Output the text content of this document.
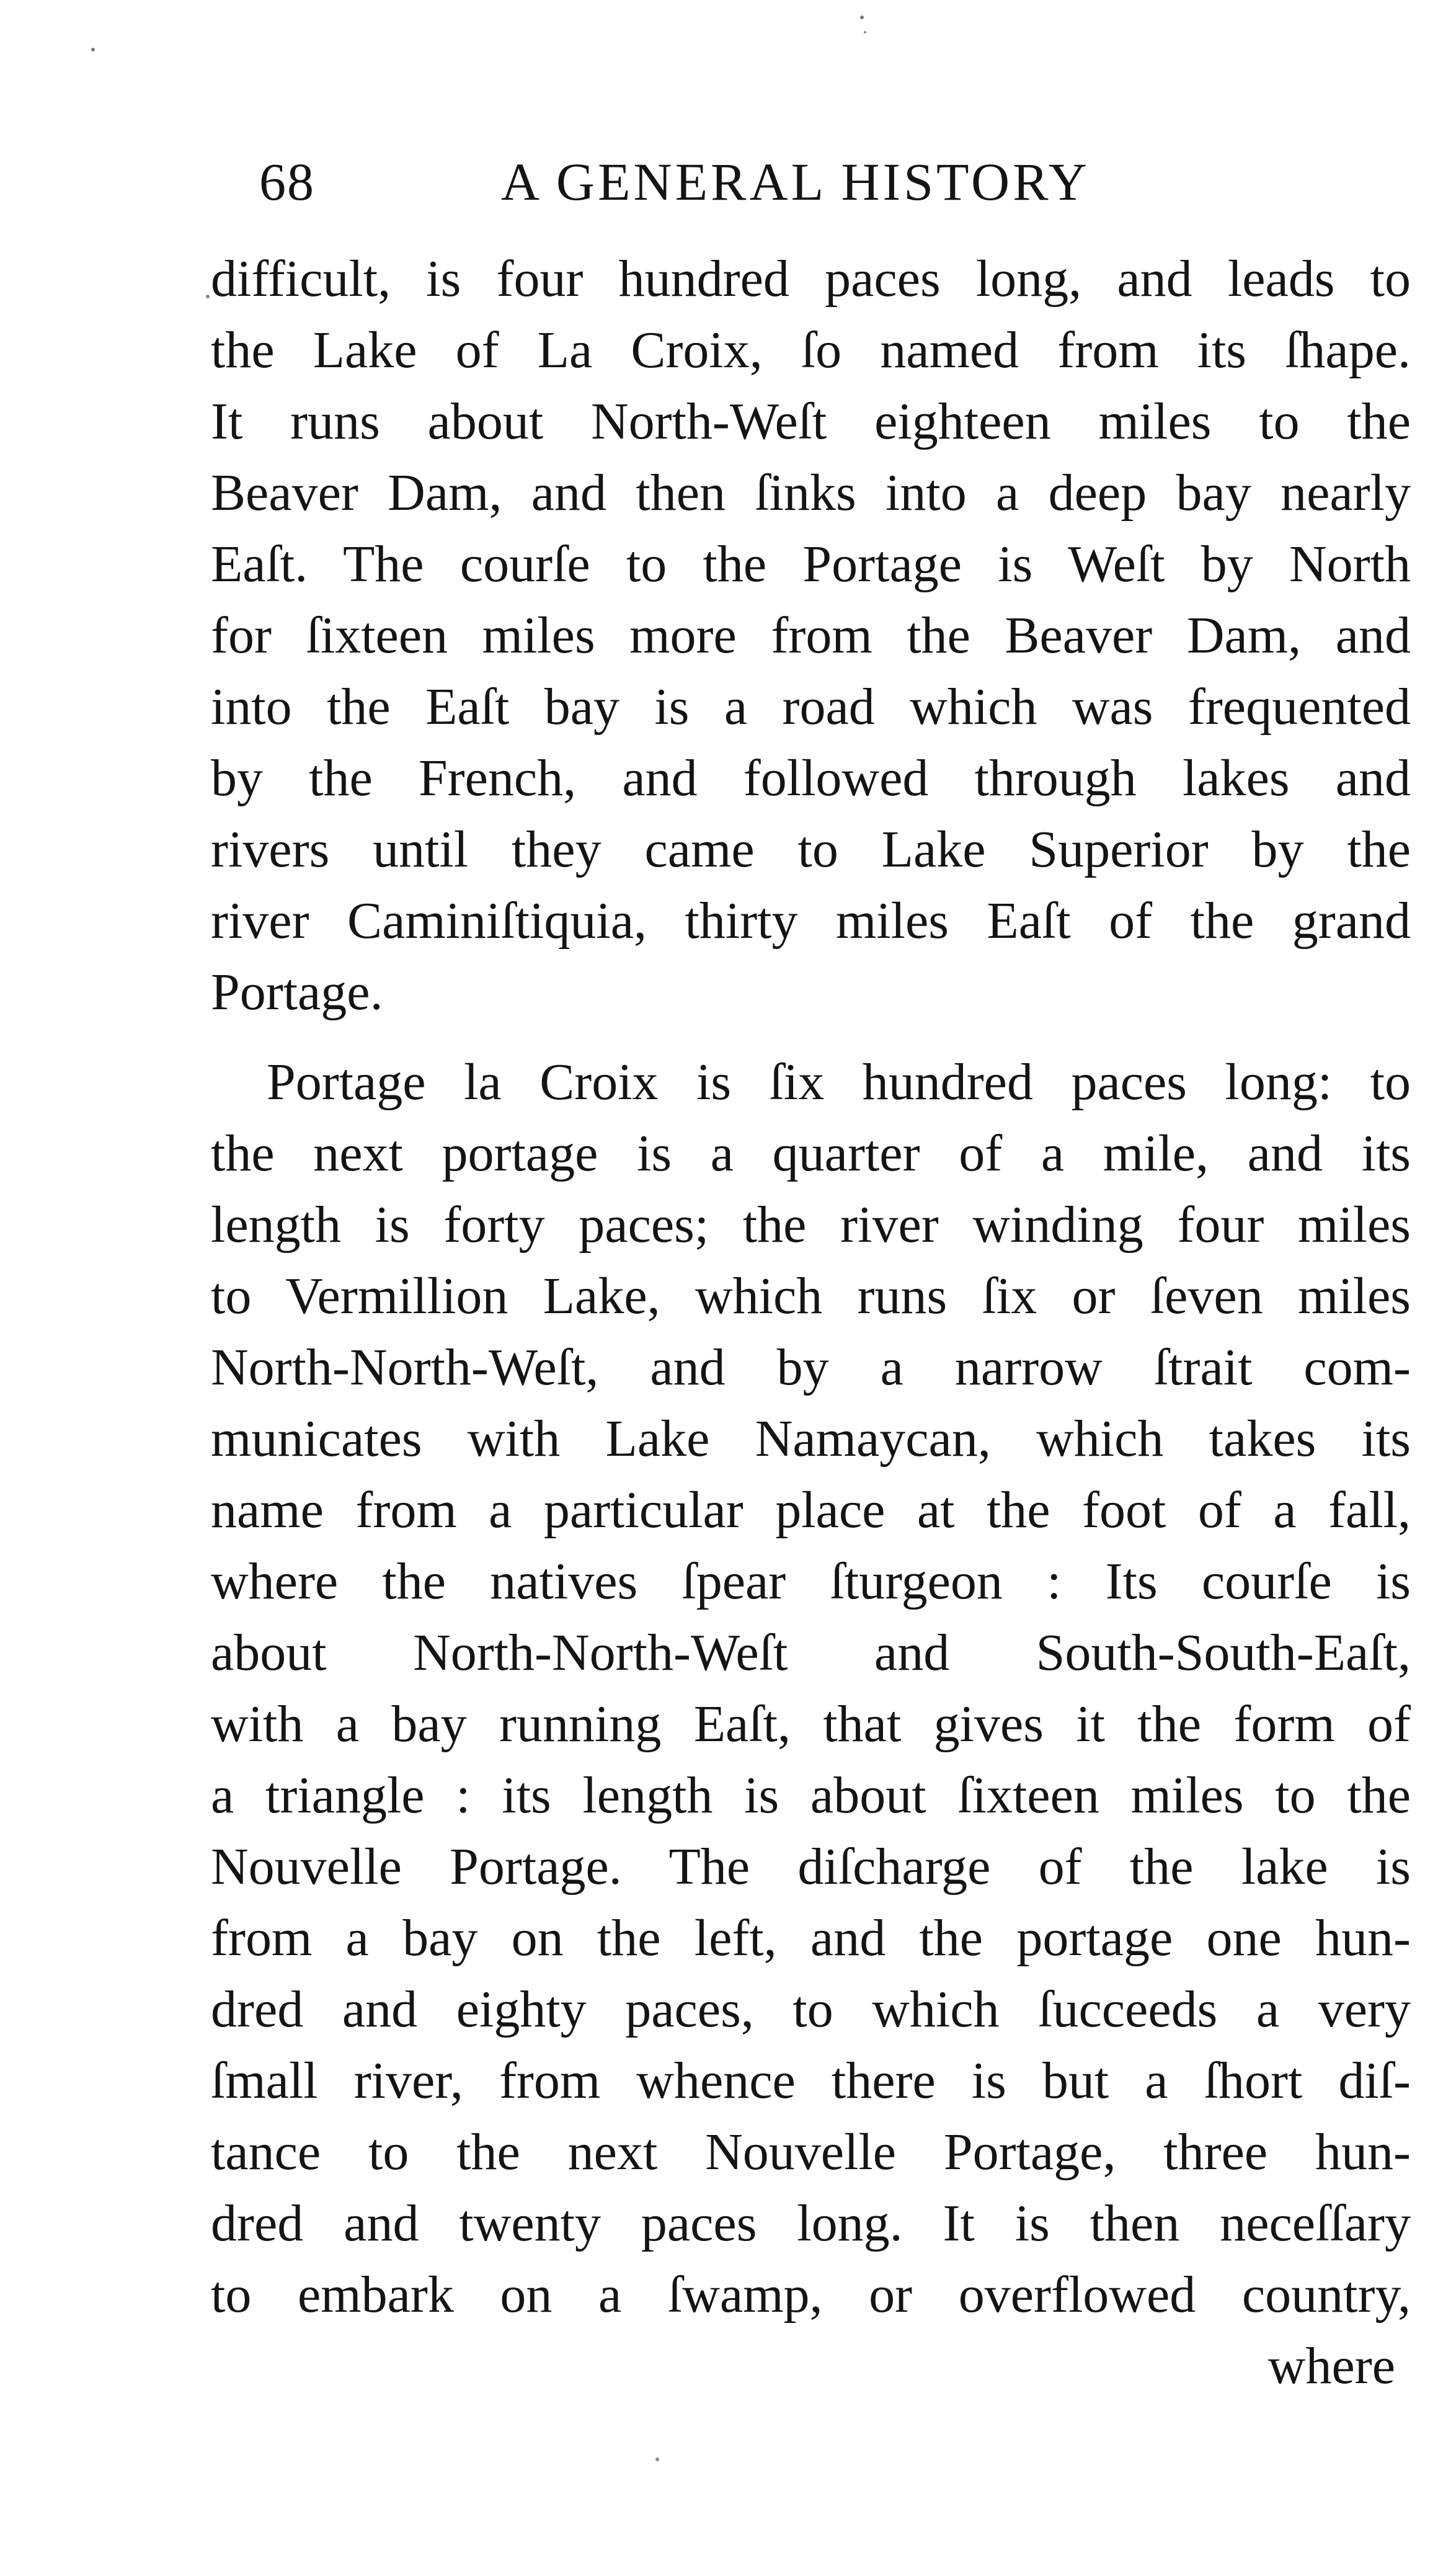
68	A GENERAL HISTORY
difficult, is four hundred paces long, and leads to
the Lake of La Croix, ſo named from its ſhape.
It runs about North-Weſt eighteen miles to the
Beaver Dam, and then ſinks into a deep bay nearly
Eaſt. The courſe to the Portage is Weſt by North
for ſixteen miles more from the Beaver Dam, and
into the Eaſt bay is a road which was frequented
by the French, and followed through lakes and
rivers until they came to Lake Superior by the
river Caminiſtiquia, thirty miles Eaſt of the grand
Portage.
Portage la Croix is ſix hundred paces long: to
the next portage is a quarter of a mile, and its
length is forty paces; the river winding four miles
to Vermillion Lake, which runs ſix or ſeven miles
North-North-Weſt, and by a narrow ſtrait com-
municates with Lake Namaycan, which takes its
name from a particular place at the foot of a fall,
where the natives ſpear ſturgeon : Its courſe is
about North-North-Weſt and South-South-Eaſt,
with a bay running Eaſt, that gives it the form of
a triangle : its length is about ſixteen miles to the
Nouvelle Portage. The diſcharge of the lake is
from a bay on the left, and the portage one hun-
dred and eighty paces, to which ſucceeds a very
ſmall river, from whence there is but a ſhort diſ-
tance to the next Nouvelle Portage, three hun-
dred and twenty paces long. It is then neceſſary
to embark on a ſwamp, or overflowed country,
where
